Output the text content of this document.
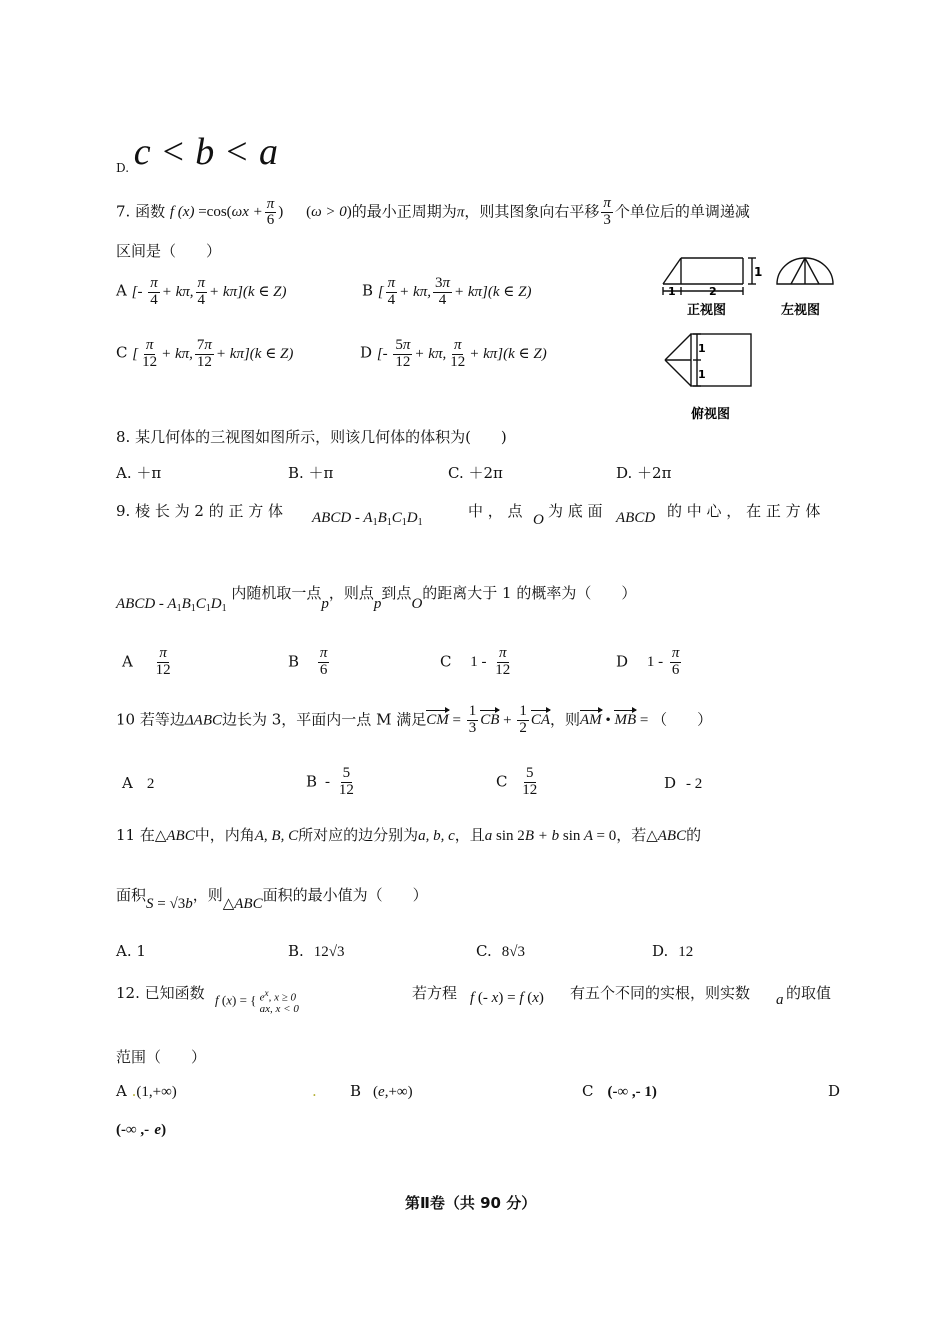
$_{D.}$ c < b < a
7. 函数 f $(x) =\cos(\omega x + \frac{\pi}{6}$ ) (ω > 0)的最小正周期为π，则其图象向右平移 $\frac{\pi}{3}$ 个单位后的单调递减
区间是（　　）
A [- $\frac{\pi}{4} + k\pi$, $\frac{\pi}{4} + k\pi](k$ ∈ Z)	B [ $\frac{\pi}{4} + k\pi$, $\frac{3\pi}{4} + k\pi](k$ ∈ Z)
C [ $\frac{\pi}{12} + k\pi$, $\frac{7\pi}{12} + k\pi](k$ ∈ Z)	D [- $\frac{5\pi}{12} + k\pi$, $\frac{\pi}{12} + k\pi](k$ ∈ Z)
1
1	2
1
1
正视图	左视图
俯视图
8. 某几何体的三视图如图所示，则该几何体的体积为(　　)
A. ＋π	B. ＋π	C. ＋2π	D. ＋2π
9. 棱 长 为 2 的 正 方 体 ABCD - $A_1B_1C_1D_1$
中 ， 点 O 为 底 面 ABCD 的 中 心 ， 在 正 方 体
ABCD - $A_1B_1C_1D_1$ 内随机取一点p，则点p到点O的距离大于 1 的概率为（　　）
A $\frac{\pi}{12}$	B $\frac{\pi}{6}$	C $1 - \frac{\pi}{12}$	D $1 - \frac{\pi}{6}$
10 若等边ΔABC边长为 3，平面内一点 M 满足CM = $\frac{1}{3}$ CB + $\frac{1}{2}$ CA，则AM • MB = （　　）
A 2	B - $\frac{5}{12}$	C $\frac{5}{12}$	D - 2
11 在△ABC中，内角A, B, C所对应的边分别为a, b, c，且a sin 2B + b sin A = 0，若△ABC的
面积S = √3b，则△ABC面积的最小值为（　　）
A. 1	B. 12√3	C. 8√3	D. 12
12. 已知函数 f (x) = { $e^x$, x ≥ 0
ax, x < 0
若方程 f (- x) = f (x) 有五个不同的实根，则实数 a 的取值
范围（　　）
A .(1,+∞)	. B (e,+∞)	C (-∞ ,- 1)	D
(-∞ ,- e)
第Ⅱ卷（共 90 分）
